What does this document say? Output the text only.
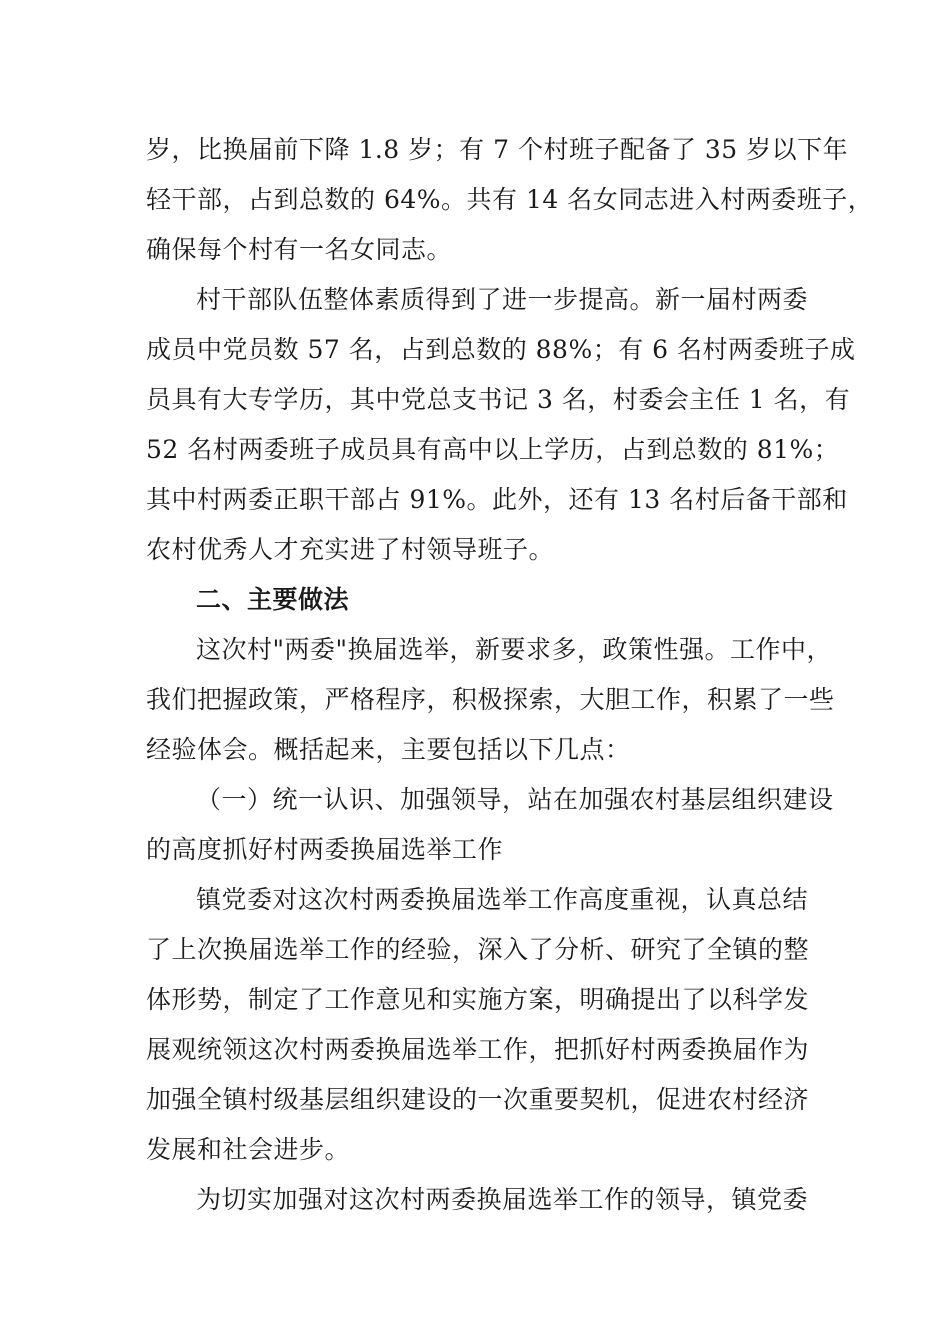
岁，比换届前下降 1.8 岁；有 7 个村班子配备了 35 岁以下年
轻干部，占到总数的 64%。共有 14 名女同志进入村两委班子，
确保每个村有一名女同志。
村干部队伍整体素质得到了进一步提高。新一届村两委
成员中党员数 57 名，占到总数的 88%；有 6 名村两委班子成
员具有大专学历，其中党总支书记 3 名，村委会主任 1 名，有
52 名村两委班子成员具有高中以上学历，占到总数的 81%；
其中村两委正职干部占 91%。此外，还有 13 名村后备干部和
农村优秀人才充实进了村领导班子。
二、主要做法
这次村"两委"换届选举，新要求多，政策性强。工作中，
我们把握政策，严格程序，积极探索，大胆工作，积累了一些
经验体会。概括起来，主要包括以下几点：
（一）统一认识、加强领导，站在加强农村基层组织建设
的高度抓好村两委换届选举工作
镇党委对这次村两委换届选举工作高度重视，认真总结
了上次换届选举工作的经验，深入了分析、研究了全镇的整
体形势，制定了工作意见和实施方案，明确提出了以科学发
展观统领这次村两委换届选举工作，把抓好村两委换届作为
加强全镇村级基层组织建设的一次重要契机，促进农村经济
发展和社会进步。
为切实加强对这次村两委换届选举工作的领导，镇党委
